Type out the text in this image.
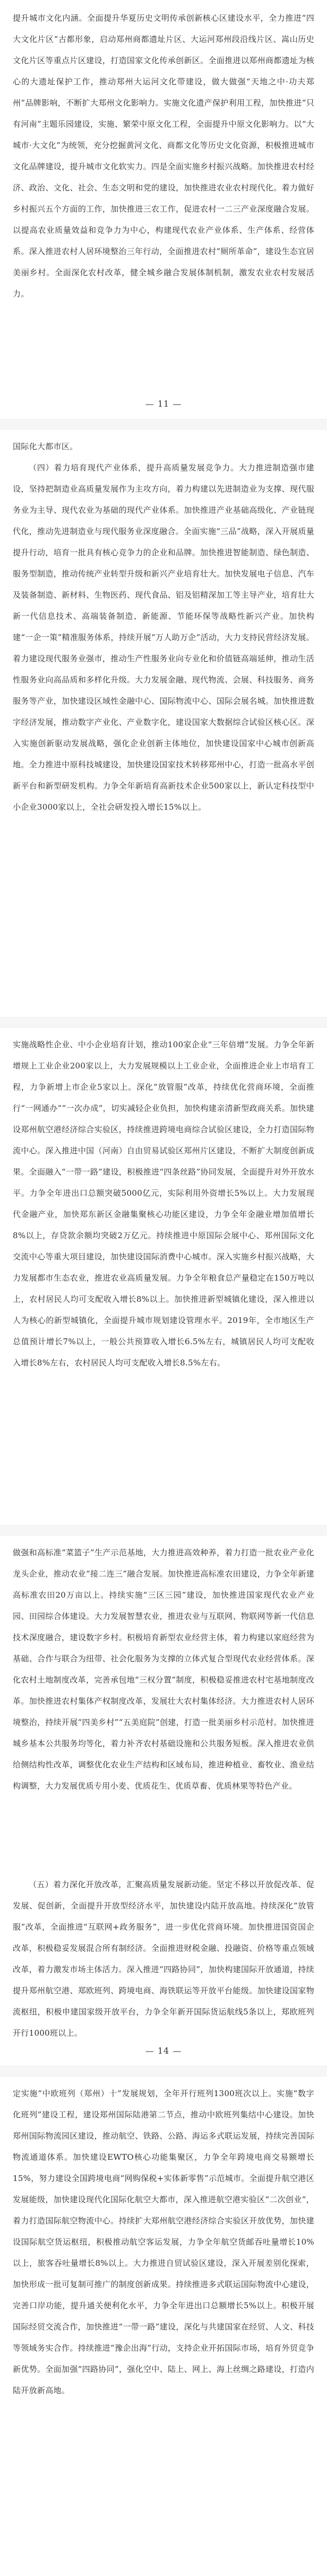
提升城市文化内涵。全面提升华夏历史文明传承创新核心区建设水平，全力推进“四大文化片区”古都形象，启动郑州商都遗址片区、大运河郑州段沿线片区、嵩山历史文化片区等重点片区建设，打造国家文化传承创新区。全面推进以郑州商都遗址为核心的大遗址保护工作，推动郑州大运河文化带建设，做大做强“天地之中·功夫郑州”品牌影响，不断扩大郑州文化影响力。实施文化遗产保护利用工程，加快推进“只有河南”主题乐园建设，实施、繁荣中原文化工程，全面提升中原文化影响力。以“大城市·大文化”为统领，充分挖掘黄河文化、商都文化等历史文化资源，积极推进城市文化品牌建设，提升城市文化软实力。四是全面实施乡村振兴战略。加快推进农村经济、政治、文化、社会、生态文明和党的建设，加快推进农业农村现代化。着力做好乡村振兴五个方面的工作，加快推进三农工作，促进农村一二三产业深度融合发展。以提高农业质量效益和竞争力为中心，构建现代农业产业体系、生产体系、经营体系。深入推进农村人居环境整治三年行动，全面推进农村“厕所革命”，建设生态宜居美丽乡村。全面深化农村改革，健全城乡融合发展体制机制，激发农业农村发展活力。

— 11 —

国际化大都市区。

（四）着力培育现代产业体系，提升高质量发展竞争力。大力推进制造强市建设，坚持把制造业高质量发展作为主攻方向，着力构建以先进制造业为支撑、现代服务业为主导、现代农业为基础的现代产业体系。加快推进产业基础高级化、产业链现代化，推动先进制造业与现代服务业深度融合。全面实施“三品”战略，深入开展质量提升行动，培育一批具有核心竞争力的企业和品牌。加快推进智能制造、绿色制造、服务型制造，推动传统产业转型升级和新兴产业培育壮大。加快发展电子信息、汽车及装备制造、新材料、生物医药、现代食品、铝及铝精深加工等主导产业，培育壮大新一代信息技术、高端装备制造、新能源、节能环保等战略性新兴产业。加快构建“一企一策”精准服务体系，持续开展“万人助万企”活动，大力支持民营经济发展。着力建设现代服务业强市，推动生产性服务业向专业化和价值链高端延伸，推动生活性服务业向高品质和多样化升级。大力发展金融、现代物流、会展、科技服务、商务服务等产业，加快建设区域性金融中心、国际物流中心、国际会展名城。加快推进数字经济发展，推动数字产业化、产业数字化，建设国家大数据综合试验区核心区。深入实施创新驱动发展战略，强化企业创新主体地位，加快建设国家中心城市创新高地。全力推进中原科技城建设，加快建设国家技术转移郑州中心，打造一批高水平创新平台和新型研发机构。力争全年新培育高新技术企业500家以上，新认定科技型中小企业3000家以上，全社会研发投入增长15%以上。

实施战略性企业、中小企业培育计划，推动100家企业“三年倍增”发展。力争全年新增规上工业企业200家以上，大力发展规模以上工业企业，全面推进企业上市培育工程，力争新增上市企业5家以上。深化“放管服”改革，持续优化营商环境，全面推行“一网通办”“一次办成”，切实减轻企业负担，加快构建亲清新型政商关系。加快建设郑州航空港经济综合实验区，持续推进跨境电商综合试验区建设，全力打造国际物流中心。深入推进中国（河南）自由贸易试验区郑州片区建设，不断扩大制度创新成果。全面融入“一带一路”建设，积极推进“四条丝路”协同发展，全面提升对外开放水平。力争全年进出口总额突破5000亿元，实际利用外资增长5%以上。大力发展现代金融产业，加快郑东新区金融集聚核心功能区建设，力争全年金融业增加值增长8%以上，存贷款余额均突破2万亿元。持续推进中原国际会展中心、郑州国际文化交流中心等重大项目建设，加快建设国际消费中心城市。深入实施乡村振兴战略，大力发展都市生态农业，推进农业高质量发展。力争全年粮食总产量稳定在150万吨以上，农村居民人均可支配收入增长8%以上。加快推进新型城镇化建设，深入推进以人为核心的新型城镇化，全面提升城市规划建设管理水平。2019年，全市地区生产总值预计增长7%以上，一般公共预算收入增长6.5%左右，城镇居民人均可支配收入增长8%左右，农村居民人均可支配收入增长8.5%左右。

做强和高标准“菜篮子”生产示范基地，大力推进高效种养，着力打造一批农业产业化龙头企业，推动农业“接二连三”融合发展。加快推进高标准农田建设，力争全年新建高标准农田20万亩以上。持续实施“三区三园”建设，加快推进国家现代农业产业园、田园综合体建设。大力发展智慧农业，推进农业与互联网、物联网等新一代信息技术深度融合，建设数字乡村。积极培育新型农业经营主体，着力构建以家庭经营为基础、合作与联合为纽带、社会化服务为支撑的立体式复合型现代农业经营体系。深化农村土地制度改革，完善承包地“三权分置”制度，积极稳妥推进农村宅基地制度改革。加快推进农村集体产权制度改革，发展壮大农村集体经济。大力推进农村人居环境整治，持续开展“四美乡村”“五美庭院”创建，打造一批美丽乡村示范村。加快推进城乡基本公共服务均等化，着力补齐农村基础设施和公共服务短板。深入推进农业供给侧结构性改革，调整优化农业生产结构和区域布局，推进种植业、畜牧业、渔业结构调整，大力发展优质专用小麦、优质花生、优质草畜、优质林果等特色产业。

（五）着力深化开放改革，汇聚高质量发展新动能。坚定不移以开放促改革、促发展、促创新，全面提升开放型经济水平，加快建设内陆开放高地。持续深化“放管服”改革，全面推进“互联网+政务服务”，进一步优化营商环境。加快推进国资国企改革，积极稳妥发展混合所有制经济。全面推进财税金融、投融资、价格等重点领域改革，着力激发市场主体活力。深入推进“四路协同”，加快构建国际开放通道，持续提升郑州航空港、郑欧班列、跨境电商、海铁联运等开放平台能级。加快建设国家物流枢纽，积极申建国家级开放平台，力争全年新开国际货运航线5条以上，郑欧班列开行1000班以上。

— 14 —

定实施“中欧班列（郑州）十”发展规划，全年开行班列1300班次以上。实施“数字化班列”建设工程，建设郑州国际陆港第二节点，推动中欧班列集结中心建设。加快郑州国际物流园区建设，推动航空、铁路、公路、海运多式联运发展，持续完善国际物流通道体系。加快建设EWTO核心功能集聚区，力争全年跨境电商交易额增长15%，努力建设全国跨境电商“网购保税+实体新零售”示范城市。全面提升航空港区发展能级，加快建设现代化国际化航空大都市，深入推进航空港实验区“二次创业”，着力打造国际航空物流中心。持续扩大郑州航空港经济综合实验区开放优势，加快建设国际航空货运枢纽，积极推动航空客运发展，力争全年航空货邮吞吐量增长10%以上，旅客吞吐量增长8%以上。大力推进自贸试验区建设，深入开展差别化探索，加快形成一批可复制可推广的制度创新成果。持续推进多式联运国际物流中心建设，完善口岸功能，提升通关便利化水平，力争全年进出口总额增长5%以上。积极开展国际经贸交流合作，加快推进“一带一路”建设，深化与共建国家在经贸、人文、科技等领域务实合作。持续推进“豫企出海”行动，支持企业开拓国际市场，培育外贸竞争新优势。全面加强“四路协同”，强化空中、陆上、网上、海上丝绸之路建设，打造内陆开放新高地。
